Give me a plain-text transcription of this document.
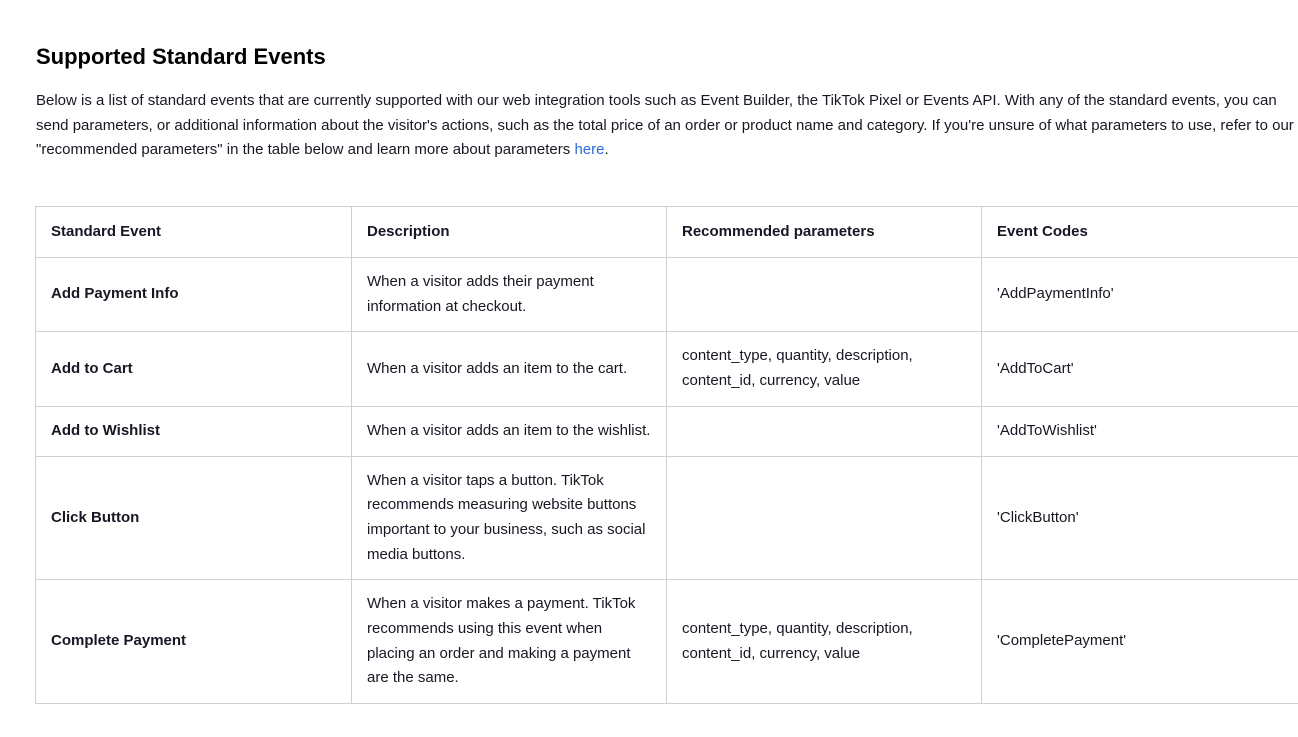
Supported Standard Events

Below is a list of standard events that are currently supported with our web integration tools such as Event Builder, the TikTok Pixel or Events API. With any of the standard events, you can send parameters, or additional information about the visitor's actions, such as the total price of an order or product name and category. If you're unsure of what parameters to use, refer to our "recommended parameters" in the table below and learn more about parameters here.

Standard Event	Description	Recommended parameters	Event Codes
Add Payment Info	When a visitor adds their payment information at checkout.		'AddPaymentInfo'
Add to Cart	When a visitor adds an item to the cart.	content_type, quantity, description, content_id, currency, value	'AddToCart'
Add to Wishlist	When a visitor adds an item to the wishlist.		'AddToWishlist'
Click Button	When a visitor taps a button. TikTok recommends measuring website buttons important to your business, such as social media buttons.		'ClickButton'
Complete Payment	When a visitor makes a payment. TikTok recommends using this event when placing an order and making a payment are the same.	content_type, quantity, description, content_id, currency, value	'CompletePayment'
